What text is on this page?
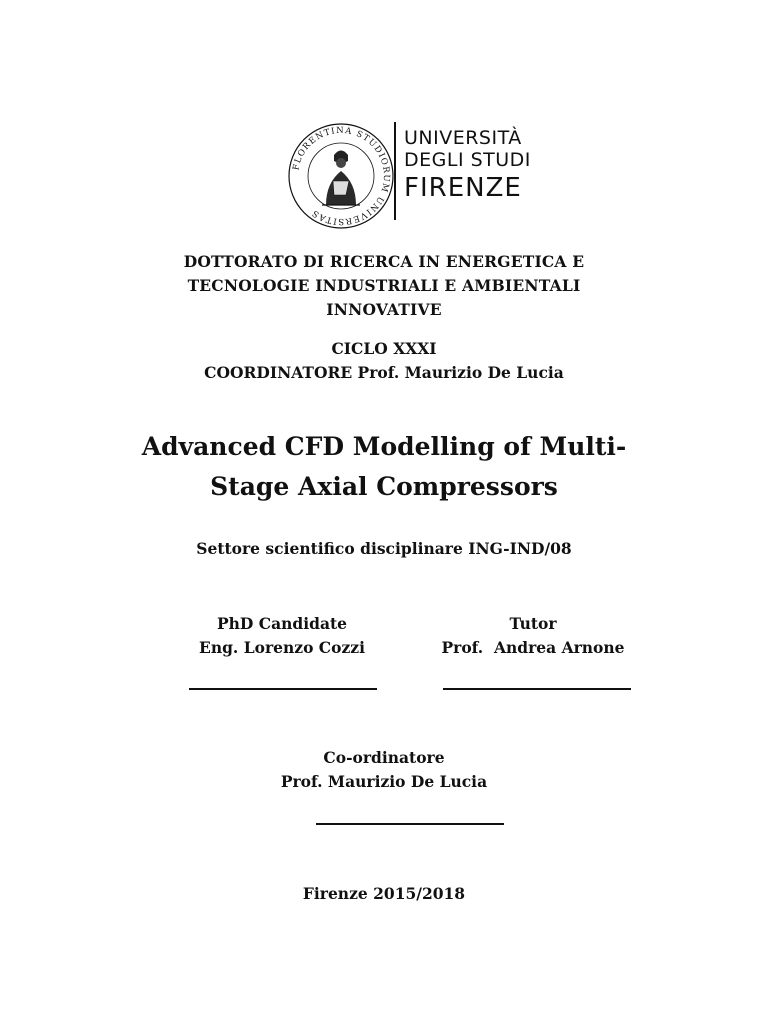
FLORENTINA STUDIORUM UNIVERSITAS
UNIVERSITÀ
DEGLI STUDI
FIRENZE
DOTTORATO DI RICERCA IN ENERGETICA E
TECNOLOGIE INDUSTRIALI E AMBIENTALI
INNOVATIVE
CICLO XXXI
COORDINATORE Prof. Maurizio De Lucia
Advanced CFD Modelling of Multi-
Stage Axial Compressors
Settore scientifico disciplinare ING-IND/08
PhD Candidate
Eng. Lorenzo Cozzi
Tutor
Prof.  Andrea Arnone
Co-ordinatore
Prof. Maurizio De Lucia
Firenze 2015/2018
